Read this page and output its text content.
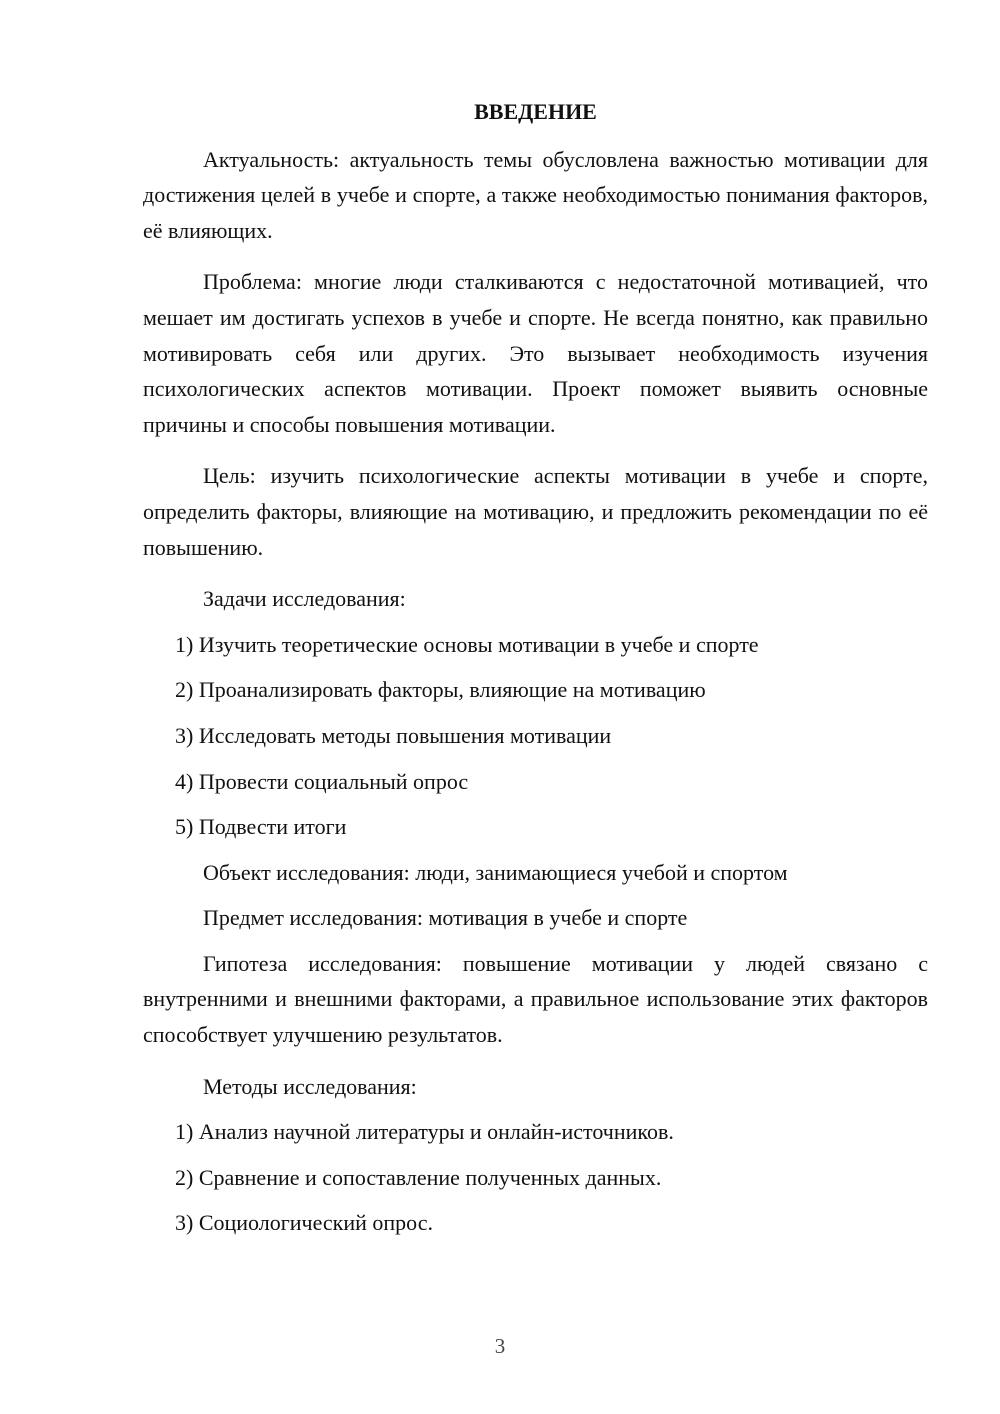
ВВЕДЕНИЕ

Актуальность: актуальность темы обусловлена важностью мотивации для достижения целей в учебе и спорте, а также необходимостью понимания факторов, её влияющих.

Проблема: многие люди сталкиваются с недостаточной мотивацией, что мешает им достигать успехов в учебе и спорте. Не всегда понятно, как правильно мотивировать себя или других. Это вызывает необходимость изучения психологических аспектов мотивации. Проект поможет выявить основные причины и способы повышения мотивации.

Цель: изучить психологические аспекты мотивации в учебе и спорте, определить факторы, влияющие на мотивацию, и предложить рекомендации по её повышению.

Задачи исследования:
1) Изучить теоретические основы мотивации в учебе и спорте
2) Проанализировать факторы, влияющие на мотивацию
3) Исследовать методы повышения мотивации
4) Провести социальный опрос
5) Подвести итоги
Объект исследования: люди, занимающиеся учебой и спортом
Предмет исследования: мотивация в учебе и спорте

Гипотеза исследования: повышение мотивации у людей связано с внутренними и внешними факторами, а правильное использование этих факторов способствует улучшению результатов.

Методы исследования:
1) Анализ научной литературы и онлайн-источников.
2) Сравнение и сопоставление полученных данных.
3) Социологический опрос.
3
